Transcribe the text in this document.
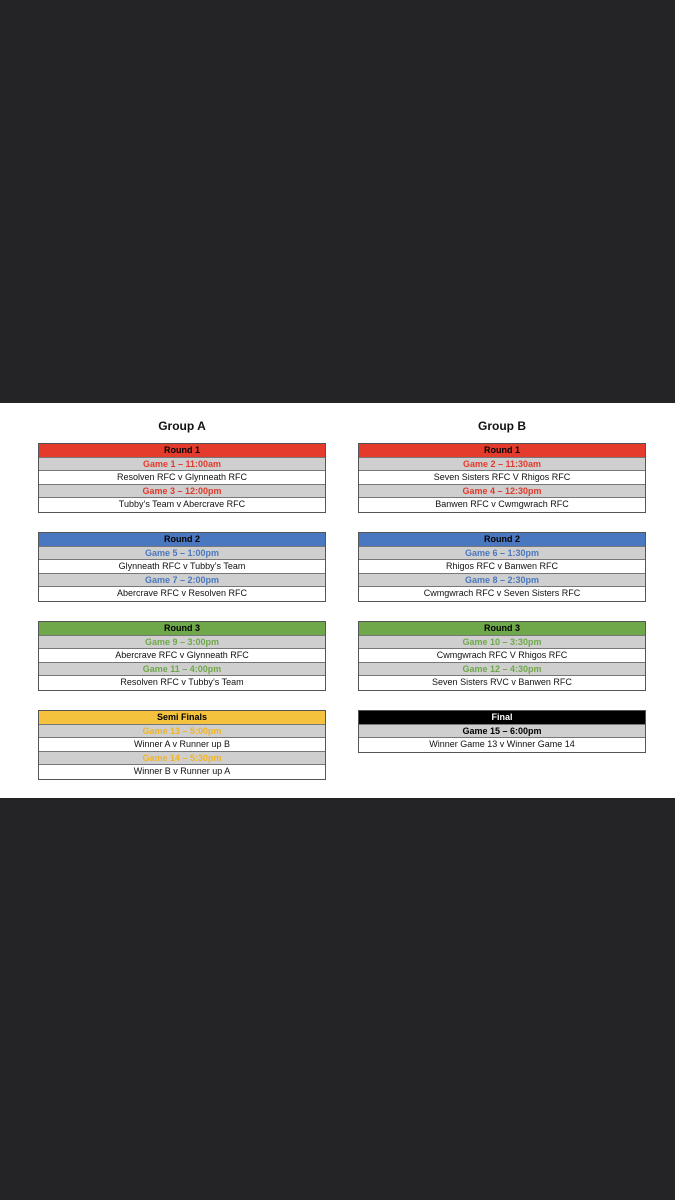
Group A	Group B
Round 1
Game 1 – 11:00am
Resolven RFC v Glynneath RFC
Game 3 – 12:00pm
Tubby’s Team v Abercrave RFC
Round 1
Game 2 – 11:30am
Seven Sisters RFC V Rhigos RFC
Game 4 – 12:30pm
Banwen RFC v Cwmgwrach RFC
Round 2
Game 5 – 1:00pm
Glynneath RFC v Tubby’s Team
Game 7 – 2:00pm
Abercrave RFC v Resolven RFC
Round 2
Game 6 – 1:30pm
Rhigos RFC v Banwen RFC
Game 8 – 2:30pm
Cwmgwrach RFC v Seven Sisters RFC
Round 3
Game 9 – 3:00pm
Abercrave RFC v Glynneath RFC
Game 11 – 4:00pm
Resolven RFC v Tubby’s Team
Round 3
Game 10 – 3:30pm
Cwmgwrach RFC V Rhigos RFC
Game 12 – 4:30pm
Seven Sisters RVC v Banwen RFC
Semi Finals
Game 13 – 5:00pm
Winner A v Runner up B
Game 14 – 5:30pm
Winner B v Runner up A
Final
Game 15 – 6:00pm
Winner Game 13 v Winner Game 14
